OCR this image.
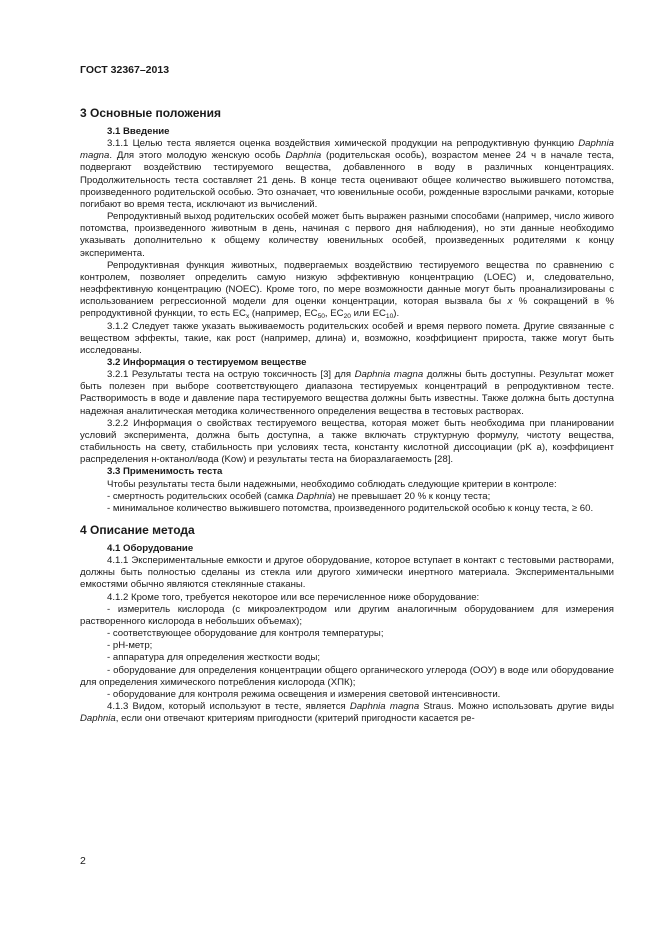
ГОСТ 32367–2013

3 Основные положения

3.1 Введение

3.1.1 Целью теста является оценка воздействия химической продукции на репродуктивную функцию Daphnia magna. Для этого молодую женскую особь Daphnia (родительская особь), возрастом менее 24 ч в начале теста, подвергают воздействию тестируемого вещества, добавленного в воду в различных концентрациях. Продолжительность теста составляет 21 день. В конце теста оценивают общее количество выжившего потомства, произведенного родительской особью. Это означает, что ювенильные особи, рожденные взрослыми рачками, которые погибают во время теста, исключают из вычислений.

Репродуктивный выход родительских особей может быть выражен разными способами (например, число живого потомства, произведенного животным в день, начиная с первого дня наблюдения), но эти данные необходимо указывать дополнительно к общему количеству ювенильных особей, произведенных родителями к концу эксперимента.

Репродуктивная функция животных, подвергаемых воздействию тестируемого вещества по сравнению с контролем, позволяет определить самую низкую эффективную концентрацию (LOEC) и, следовательно, неэффективную концентрацию (NOEC). Кроме того, по мере возможности данные могут быть проанализированы с использованием регрессионной модели для оценки концентрации, которая вызвала бы x % сокращений в % репродуктивной функции, то есть $EC_x$ (например, $EC_{50}$, $EC_{20}$ или $EC_{10}$).

3.1.2 Следует также указать выживаемость родительских особей и время первого помета. Другие связанные с веществом эффекты, такие, как рост (например, длина) и, возможно, коэффициент прироста, также могут быть исследованы.

3.2 Информация о тестируемом веществе

3.2.1 Результаты теста на острую токсичность [3] для Daphnia magna должны быть доступны. Результат может быть полезен при выборе соответствующего диапазона тестируемых концентраций в репродуктивном тесте. Растворимость в воде и давление пара тестируемого вещества должны быть известны. Также должна быть доступна надежная аналитическая методика количественного определения вещества в тестовых растворах.

3.2.2 Информация о свойствах тестируемого вещества, которая может быть необходима при планировании условий эксперимента, должна быть доступна, а также включать структурную формулу, чистоту вещества, стабильность на свету, стабильность при условиях теста, константу кислотной диссоциации (pK a), коэффициент распределения н-октанол/вода (Kow) и результаты теста на биоразлагаемость [28].

3.3 Применимость теста

Чтобы результаты теста были надежными, необходимо соблюдать следующие критерии в контроле:

- смертность родительских особей (самка Daphnia) не превышает 20 % к концу теста;

- минимальное количество выжившего потомства, произведенного родительской особью к концу теста, ≥ 60.

4 Описание метода

4.1 Оборудование

4.1.1 Экспериментальные емкости и другое оборудование, которое вступает в контакт с тестовыми растворами, должны быть полностью сделаны из стекла или другого химически инертного материала. Экспериментальными емкостями обычно являются стеклянные стаканы.

4.1.2 Кроме того, требуется некоторое или все перечисленное ниже оборудование:

- измеритель кислорода (с микроэлектродом или другим аналогичным оборудованием для измерения растворенного кислорода в небольших объемах);

- соответствующее оборудование для контроля температуры;

- pH-метр;

- аппаратура для определения жесткости воды;

- оборудование для определения концентрации общего органического углерода (ООУ) в воде или оборудование для определения химического потребления кислорода (ХПК);

- оборудование для контроля режима освещения и измерения световой интенсивности.

4.1.3 Видом, который используют в тесте, является Daphnia magna Straus. Можно использовать другие виды Daphnia, если они отвечают критериям пригодности (критерий пригодности касается ре-

2
